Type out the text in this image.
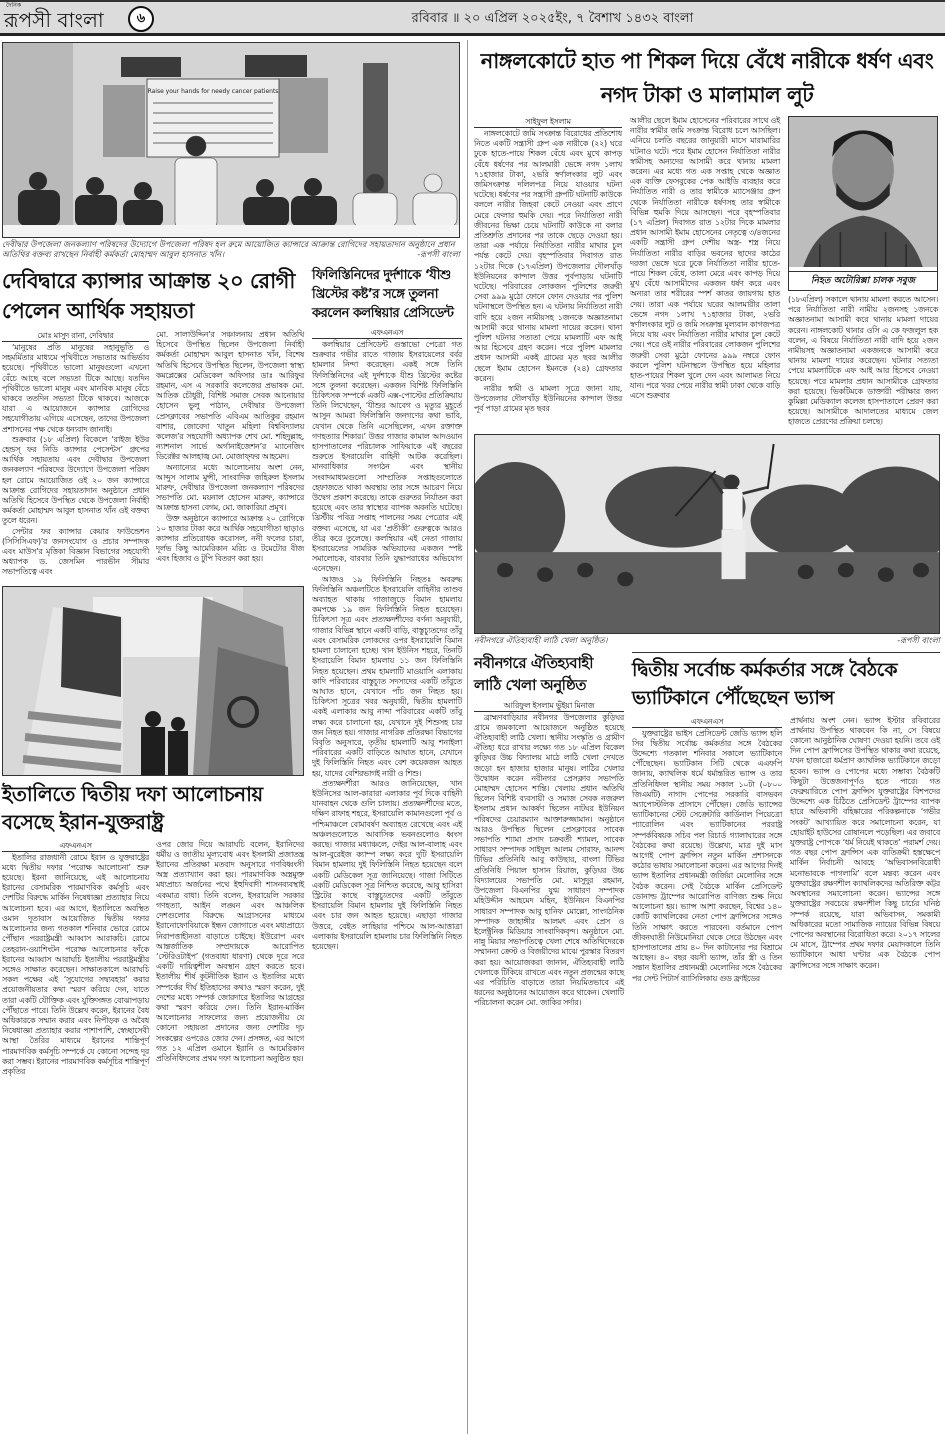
দৈনিক
রূপসী বাংলা	৬	রবিবার ॥ ২০ এপ্রিল ২০২৫ইং, ৭ বৈশাখ ১৪৩২ বাংলা
Raise your hands for needy cancer patients
দেবীদ্বার উপজেলা জনকল্যাণ পরিষদের উদ্যোগে উপজেলা পরিষদ হল রুমে আয়োজিত ক্যান্সারে আক্রান্ত রোগিদের সহায়তাদান অনুষ্ঠানে প্রধান অতিথির বক্তব্য রাখছেন নির্বাহী কর্মকর্তা মোহাম্মদ আবুল হাসনাত খাঁন।	-রূপসী বাংলা
দেবিদ্বারে ক্যান্সার আক্রান্ত ২০ রোগী পেলেন আর্থিক সহায়তা
মোঃ মাসুদ রানা, দেবিদ্বার

‘মানুষের প্রতি মানুষের সহানুভূতি ও সহমর্মিতার মাধ্যমে পৃথিবীতে সভ্যতার আভির্ভাব হয়েছে। পৃথিবীতে ভালো মানুষগুলো এখনো বেঁচে আছে বলে সভ্যতা টিকে আছে। যতদিন পৃথিবীতে ভালো মানুষ এবং মানবিক মানুষ বেঁচে থাকবে ততদিন সভ্যতা টিকে থাকবে। আজকে যারা এ আয়োজনে ক্যান্সার রোগিদের সহযোগীতায় এগিয়ে এসেছেন, তাদের উপজেলা প্রশাসনের পক্ষ থেকে ধন্যবাদ জানাই।

শুক্রবার (১৮ এপ্রিল) বিকেলে ‘রাইজ ইউর হেন্ডস্ ফর নিডি ক্যান্সার পেসেন্টস’ গ্রুপের আর্থিক সহায়তায় এবং দেবীদ্বার উপজেলা জনকল্যাণ পরিষদের উদ্যোগে উপজেলা পরিষদ হল রোমে আয়োজিত ওই ২০ জন ক্যান্সারে আক্রান্ত রোগিদের সহায়তাদান অনুষ্ঠানে প্রধান অতিথি হিসেবে উপস্থিত থেকে উপজেলা নির্বাহী কর্মকর্তা মোহাম্মদ আবুল হাসনাত খাঁন ওই বক্তব্য তুলে ধরেন।

সেন্টার ফর ক্যান্সার কেয়ার ফাউন্ডেশন (সিসিসিএফ)’র জনসংযোগ ও প্রচার সম্পাদক এবং মাউস’র মৃত্তিকা বিজ্ঞান বিভাগের সহযোগী অধ্যাপক ড. জেসমিন পারভীন সীমার সভাপতিত্বে এবং

মো. সালাউদ্দিন’র সঞ্চালনায় প্রধান অতিথি হিসেবে উপস্থিত ছিলেন উপজেলা নির্বাহী কর্মকর্তা মোহাম্মদ আবুল হাসনাত খাঁন, বিশেষ অতিথি হিসেবে উপস্থিত ছিলেন, উপজেলা স্বাস্থ্য কমপ্লেক্সের মেডিকেল অফিসার ডাঃ আরিফুর রহমান, এস এ সরকারি কলেজের প্রভাষক মো. আতিক চৌধুরী, বিশিষ্ট সমাজ সেবক আনোয়ার হোসেন ভুলু পাঠান, দেবীদ্বার উপজেলা প্রেসক্লাবের সভাপতি এবিএম আতিকুর রহমান বাশার, জোবেদা খাতুন মহিলা বিশ্ববিদ্যালয় কলেজ’র সহযোগী অধ্যাপক শেখ মো. শহিদুল্লাহ, ন্যাশনাল সার্ভে অর্গানাইজেশন’র ম্যানেজিং ডিরেক্টর আলহাজ্ব মো. মোজাফ্ফর আহমেদ।

অন্যান্যের মধ্যে আলোচনায় অংশ নেন, আব্দুস সালাম মুন্সী, সাংবাদিক জহিরুল ইসলাম মারুফ, দেবীদ্বার উপজেলা জনকল্যাণ পরিষদের সভাপতি মো. ময়নাল হোসেন মারুফ, ক্যান্সারে আক্রান্ত হাসনা বেগম, মো. জাকারিয়া প্রমূখ।

উক্ত অনুষ্ঠানে ক্যান্সারে আক্রান্ত ২০ রোগিকে ১০ হাজার টাকা করে আর্থিক সহযোগীতা ছাড়াও ক্যান্সার প্রতিরোধক করোসল, ননী ফলের চারা, দূর্লভ কিছু আমেরিকান মরিচ ও টমেটোর বীজ এবং হিজাব ও টুপি বিতরণ করা হয়।

ইতালিতে দ্বিতীয় দফা আলোচনায় বসেছে ইরান-যুক্তরাষ্ট্র
এফএনএস

ইতালির রাজধানী রোমে ইরান ও যুক্তরাষ্ট্রের মধ্যে দ্বিতীয় দফার ‘পরোক্ষ আলোচনা’ শুরু হয়েছে। ইরনা জানিয়েছে, এই আলোচনায় ইরানের বেসামরিক পারমাণবিক কর্মসূচি এবং দেশটির বিরুদ্ধে মার্কিন নিষেধাজ্ঞা প্রত্যাহার নিয়ে আলোচনা হবে। এর আগে, ইতালিতে অবস্থিত ওমান দূতাবাস আয়োজিত দ্বিতীয় দফার আলোচনার জন্য গতকাল শনিবার ভোরে রোমে পৌঁছান পররাষ্ট্রমন্ত্রী আব্বাস আরাকচি। রোমে তেহরান-ওয়াশিংটন পরোক্ষ আলোচনার ফাঁকে ইরানের আব্বাস আরাঘচি ইতালীয় পররাষ্ট্রমন্ত্রীর সঙ্গেও সাক্ষাত করেছেন। সাক্ষাতকালে আরাঘচি সকল পক্ষের এই ‘সুযোগের সদ্ব্যবহার’ করার প্রয়োজনীয়তার কথা স্মরণ করিয়ে দেন, যাতে তারা একটি যৌক্তিক এবং যুক্তিসঙ্গত বোঝাপড়ায় পৌঁছাতে পারে। তিনি উল্লেখ করেন, ইরানের বৈধ অধিকারকে সম্মান করার এবং নিপীড়ক ও অবৈধ নিষেধাজ্ঞা প্রত্যাহার করার পাশাপাশি, স্বেচ্ছাসেবী আস্থা তৈরির মাধ্যমে ইরানের শান্তিপূর্ণ পারমাণবিক কর্মসূচি সম্পর্কে যে কোনো সন্দেহ দূর করা সম্ভব। ইরানের পারমাণবিক কর্মসূচির শান্তিপূর্ণ প্রকৃতির

ওপর জোর দিয়ে আরাঘচি বলেন, ইরানিদের ধর্মীয় ও জাতীয় মূল্যবোধ এবং ইসলামী প্রজাতন্ত্র ইরানের প্রতিরক্ষা মতবাদ অনুসারে গণবিধ্বংসী অস্ত্র প্রত্যাখ্যান করা হয়। পারমাণবিক অস্ত্রমুক্ত মধ্যপ্রাচ্য অর্জনের পথে ইহুদিবাদী শাসনব্যবস্থাই একমাত্র বাধা। তিনি বলেন, ইসরায়েলি সরকার গণহত্যা, আইন লঙ্ঘন এবং আঞ্চলিক দেশগুলোর বিরুদ্ধে আগ্রাসনের মাধ্যমে ইরানোফোবিয়াকে ইন্ধন জোগাতে এবং মধ্যপ্রাচ্যে নিরাপত্তাহীনতা বাড়াতে চাইছে। ইউরোপ এবং আন্তর্জাতিক সম্প্রদায়কে আরোপিত ‘স্টেরিওটাইপ’ (গতবাধা ধারণা) থেকে দূরে সরে একটি দায়িত্বশীল অবস্থান গ্রহণ করতে হবে। ইতালীয় শীর্ষ কূটনীতিক ইরান ও ইতালির মধ্যে সম্পর্কের দীর্ঘ ইতিহাসের কথাও স্মরণ করেন, দুই দেশের মধ্যে সম্পর্ক জোরদারে ইতালির আগ্রহের কথা স্মরণ করিয়ে দেন। তিনি ইরান-মার্কিন আলোচনার সাফল্যের জন্য প্রয়োজনীয় যে কোনো সহায়তা প্রদানের জন্য দেশটির দৃঢ় সংকল্পের ওপরেও জোর দেন। প্রসঙ্গত, এর আগে গত ১২ এপ্রিল ওমানে ইরানি ও আমেরিকান প্রতিনিধিদলের প্রথম দফা আলোচনা অনুষ্ঠিত হয়।

ফিলিস্তিনিদের দুর্দশাকে ‘যীশু খ্রিস্টের কষ্ট’র সঙ্গে তুলনা করলেন কলম্বিয়ার প্রেসিডেন্ট
এফএনএস

কলম্বিয়ার প্রেসিডেন্ট গুস্তাভো পেত্রো গত শুক্রবার গভীর রাতে গাজায় ইসরায়েলের বর্বর হামলার নিন্দা করেছেন। একই সঙ্গে তিনি ফিলিস্তিনিদের এই দুর্দশাকে যীশু খ্রিস্টের কষ্টের সঙ্গে তুলনা করেছেন। একজন বিশিষ্ট ফিলিস্তিনি চিকিৎসক সম্পর্কে একটি এক্স-পোস্টের প্রতিক্রিয়ায় তিনি লিখেছেন, ‘যীশুর আবেগ ও মৃত্যুর মুহূর্তে আসুন আমরা ফিলিস্তিনি জনগণের কথা ভাবি, যেখান থেকে তিনি এসেছিলেন, এখন রক্তাক্ত গণহত্যার শিকার।’ উত্তর গাজার কামাল আদওয়ান হাসপাতালের পরিচালক সাফিয়াকে এই বছরের শুরুতে ইসরায়েলি বাহিনী আটক করেছিল। মানবাধিকার সংগঠন এবং স্থানীয় সংবাদমাধ্যমগুলো সাম্প্রতিক সপ্তাহগুলোতে হেফাজতে থাকা অবস্থায় তার সঙ্গে আচরণ নিয়ে উদ্বেগ প্রকাশ করেছে। তাকে গুরুতর নির্যাতন করা হয়েছে এবং তার স্বাস্থ্যের ব্যাপক অবনতি ঘটেছে। খ্রিস্টীয় পবিত্র সপ্তাহ পালনের সময় পেত্রোর এই বক্তব্য এসেছে, যা এর ‘প্রতীকী’ গুরুত্বকে আরও তীব্র করে তুলেছে। কলম্বিয়ার এই নেতা গাজায় ইসরায়েলের সামরিক অভিযানের একজন স্পষ্ট সমালোচক, বারবার তিনি যুদ্ধাপরাধের অভিযোগ এনেছেন।

আজও ১৯ ফিলিস্তিনি নিহতঃ অবরুদ্ধ ফিলিস্তিনি অঞ্চলটিতে ইসরায়েলি বাহিনীর তাণ্ডব অব্যাহত থাকায় গাজাজুড়ে বিমান হামলায় কমপক্ষে ১৯ জন ফিলিস্তিনি নিহত হয়েছেন। চিকিৎসা সূত্র এবং প্রত্যক্ষদর্শীদের বর্ণনা অনুযায়ী, গাজার বিভিন্ন স্থানে একটি বাড়ি, বাস্তুচ্যুতদের তাঁবু এবং বেসামরিক লোকদের ওপর ইসরায়েলি বিমান হামলা চালানো হচ্ছে। খান ইউনিস শহরে, তিনটি ইসরায়েলি বিমান হামলায় ১১ জন ফিলিস্তিনি নিহত হয়েছেন। প্রথম হামলাটি মাওয়াসি এলাকায় কাদি পরিবারের বাস্তুচ্যুত সদস্যদের একটি তাঁবুতে আঘাত হানে, যেখানে পাঁচ জন নিহত হয়। চিকিৎসা সূত্রের খবর অনুযায়ী, দ্বিতীয় হামলাটি একই এলাকার আবু নাব্দা পরিবারের একটি তাঁবু লক্ষ্য করে চালানো হয়, যেখানে দুই শিশুসহ চার জন নিহত হয়। গাজার নাগরিক প্রতিরক্ষা বিভাগের বিবৃতি অনুসারে, তৃতীয় হামলাটি আবু শনাইলা পরিবারের একটি বাড়িতে আঘাত হানে, যেখানে দুই ফিলিস্তিনি নিহত এবং বেশ কয়েকজন আহত হয়, যাদের বেশিরভাগই নারী ও শিশু।

প্রত্যক্ষদর্শীরা আরও জানিয়েছেন, খান ইউনিসের আল-কারারা এলাকার পূর্ব দিকে বাহিনী যানবাহন থেকে গুলি চালায়। প্রত্যক্ষদর্শীদের মতে, দক্ষিণ রাফাহ শহরে, ইসরায়েলি কামানগুলো পূর্ব ও পশ্চিমাঞ্চলে বোমাবর্ষণ অব্যাহত রেখেছে এবং এই অঞ্চলগুলোতে আবাসিক ভবনগুলোও ধ্বংস করছে। গাজার মধ্যাঞ্চলে, দেইর আল-বালাহ এবং আল-বুরেইজ ক্যাম্প লক্ষ্য করে দুটি ইসরায়েলি বিমান হামলায় দুই ফিলিস্তিনি নিহত হয়েছেন বলে একটি মেডিকেল সূত্র জানিয়েছে। গাজা সিটিতে একটি মেডিকেল সূত্র নিশ্চিত করেছে, আবু হাসিরা স্ট্রিটের কাছে বাস্তুচ্যুতদের একটি তাঁবুতে ইসরায়েলি বিমান হামলায় দুই ফিলিস্তিনি নিহত এবং চার জন আহত হয়েছে। এছাড়া গাজার উত্তরে, বেইত লাহিয়ার পশ্চিমে আল-আত্তাত্রা এলাকায় ইসরায়েলি হামলায় চার ফিলিস্তিনি নিহত হয়েছেন।

নাঙ্গলকোটে হাত পা শিকল দিয়ে বেঁধে নারীকে ধর্ষণ এবং নগদ টাকা ও মালামাল লুট
সাইফুল ইসলাম

নাঙ্গলকোটে জমি সংক্রান্ত বিরোধের প্রতিশোধ নিতে একটি সন্ত্রাসী গ্রুপ এক নারীকে (২২) ঘরে ঢুকে হাতে-পায়ে শিকল বেঁধে এবং মুখে কাপড় বেঁধে ধর্ষণের পর আলমারী ভেঙ্গে নগদ ১লাখ ৭১হাজার টাকা, ২ভরি স্বর্ণালংকার লুট এবং জমিসংক্রান্ত দলিলপত্র নিয়ে যাওয়ার ঘটনা ঘটেছে। ধর্ষণের পর সন্ত্রাসী গ্রুপটি ঘটনাটি কাউকে বললে নারীর জিহবা কেটে নেওয়া এবং প্রাণে মেরে ফেলার হুমকি দেয়। পরে নির্যাতিতা নারী জীবনের ভিক্ষা চেয়ে ঘটনাটি কাউকে না বলার প্রতিশ্রুতি প্রদানের পর তাকে ছেড়ে দেওয়া হয়। তারা এক পর্যায়ে নির্যাতিতা নারীর মাথার চুল পর্যন্ত কেটে দেয়। বৃহস্পতিবার দিবাগত রাত ১২টার দিকে (১৭এপ্রিল) উপজেলার দৌলখাঁড় ইউনিয়নের কান্দাল উত্তর পূর্বপাড়ায় ঘটনাটি ঘটেছে। পরিবারের লোকজন পুলিশের জরুরী সেবা ৯৯৯ মুঠো ফোনে ফোন দেওয়ার পর পুলিশ ঘটনাস্থলে উপস্থিত হন। এ ঘটনায় নির্যাতিতা নারী বাদি হয়ে ২জন নামীয়সহ ১জনকে অজ্ঞাতনামা আসামী করে থানায় মামলা দায়ের করেন। থানা পুলিশ ঘটনার সত্যতা পেয়ে মামলাটি এফ আই আর হিসেবে গ্রহণ করেন। পরে পুলিশ মামলার প্রধান আসামী একই গ্রামের মৃত ছবর আলীর ছেলে ইমাম হোসেন ইমনকে (২৪) গ্রেফতার করেন।

নারীর স্বামী ও মামলা সূত্রে জানা যায়, উপজেলার দৌলখাঁড় ইউনিয়নের কান্দাল উত্তর পূর্ব পাড়া গ্রামের মৃত ছবর

আলীর ছেলে ইমাম হোসেনের পরিবারের সাথে ওই নারীর স্বামীর জমি সংক্রান্ত বিরোধ চলে আসছিল। এনিয়ে চলতি বছরের জানুয়ারী মাসে মারামারির ঘটনাও ঘটে। পরে ইমাম হোসেন নির্যাতিতা নারীর স্বামীসহ অন্যদের আসামী করে থানায় মামলা করেন। এর মধ্যে গত এক সপ্তাহ থেকে অজ্ঞাত এক ব্যক্তি ফেসবুকের পেক আইডি ব্যবহার করে নির্যাতিত নারী ও তার স্বামীকে ম্যাসেঞ্জার গ্রুপ থেকে নির্যাতিতা নারীকে ধর্ষণসহ তার স্বামীকে বিভিন্ন হুমকি দিয়ে আসছেন। পরে বৃহস্পতিবার (১৭ এপ্রিল) দিবাগত রাত ১২টার দিকে মামলার প্রধান আসামী ইমাম হোসেনের নেতৃত্বে ৩/৪জনের একটি সন্ত্রাসী গ্রুপ দেশীয় অস্ত্র- শস্ত্র নিয়ে নির্যাতিতা নারীর বাড়ির ভবনের ছাদের কাঠের দরজা ভেঙ্গে ঘরে ঢুকে নির্যাতিতা নারীর হাতে-পায়ে শিকল বেঁধে, তালা মেরে এবং কাপড় দিয়ে মুখ বেঁধে আসামীদের একজন ধর্ষণ করে এবং অন্যরা তার শরীরের স্পর্শ কাতর জায়গায় হাত দেয়। তারা এক পর্যায়ে ঘরের আলমারীর তালা ভেঙ্গে নগদ ১লাখ ৭১হাজার টাকা, ২ভরি স্বর্ণালংকার লুট ও জমি সংক্রান্ত মূল্যবান কাগজপত্র নিয়ে যায় এবং নির্যাতিতা নারীর মাথার চুল কেটে দেয়। পরে ওই নারীর পরিবারের লোকজন পুলিশের জরুরী সেবা মুঠো ফোনের ৯৯৯ নম্বরে ফোন করলে পুলিশ ঘটনাস্থলে উপস্থিত হয়ে মহিলার হাত-পায়ের শিকল খুলে দেন এবং আলামত নিয়ে যান। পরে খবর পেয়ে নারীর স্বামী ঢাকা থেকে বাড়ি এসে শুক্রবার

নিহত অটোরিক্সা চালক সবুজ

(১৮এপ্রিল) সকালে থানায় মামলা করতে আসেন। পরে নির্যাতিতা নারী নামীয় ২জনসহ ১জনকে অজ্ঞাতনামা আসামী করে থানায় মামলা দায়ের করেন। নাঙ্গলকোট থানার ওসি এ কে ফজলুল হক বলেন, এ বিষয়ে নির্যাতিতা নারী বাদি হয়ে ২জন নামীয়সহ অজ্ঞাতনামা একজনকে আসামী করে থানায় মামলা দায়ের করেছেন। ঘটনার সত্যতা পেয়ে মামলাটিকে এফ আই আর হিসেবে নেওয়া হয়েছে। পরে মামলার প্রধান আসামীকে গ্রেফতার করা হয়েছে। ভিকটিমকে ডাক্তারী পরীক্ষার জন্য কুমিল্লা মেডিক্যাল কলেজ হাসপাতালে প্রেরণ করা হয়েছে। আসামীকে আদালতের মাধ্যমে জেল হাজতে প্রেরণের প্রক্রিয়া চলছে।

নবীনগরে ঐতিহ্যবাহী লাঠি খেলা অনুষ্ঠিত।	-রূপসী বাংলা
নবীনগরে ঐতিহ্যবাহী লাঠি খেলা অনুষ্ঠিত
আরিফুল ইসলাম ভুঁইয়া মিনাজ

ব্রাহ্মণবাড়িয়ার নবীনগর উপজেলার কুড়িঘর গ্রামে জমকালো আয়োজনে অনুষ্ঠিত হয়েছে ঐতিহ্যবাহী লাঠি খেলা। স্থানীয় সংস্কৃতি ও গ্রামীণ ঐতিহ্য ধরে রাখার লক্ষ্যে গত ১৮ এপ্রিল বিকেল কুড়িঘর উচ্চ বিদ্যালয় মাঠে লাঠি খেলা দেখতে জড়ো হন হাজার হাজার মানুষ। লাঠির খেলার উদ্বোধন করেন নবীনগর প্রেসক্লাব সভাপতি মোহাম্মদ হোসেন শান্তি। খেলায় প্রধান অতিথি ছিলেন বিশিষ্ট ব্যবসায়ী ও সমাজ সেবক নজরুল ইসলাম প্রধান আকর্ষণ ছিলেন নাটঘর ইউনিয়ন পরিষদের চেয়ারম্যান আক্তারুজ্জামান। অনুষ্ঠানে আরও উপস্থিত ছিলেন প্রেসক্লাবের সাবেক সভাপতি শ্যামা প্রসাদ চক্রবর্তী শ্যামল, সাবেক সাধারণ সম্পাদক সাইদুল আলম সোরাফ, আনন্দ টিভির প্রতিনিধি আবু কাউছার, বাংলা টিভির প্রতিনিধি পিয়াল হাসান রিয়াজ, কুড়িঘর উচ্চ বিদ্যালয়ের সভাপতি মো. মাসুদুর রহমান, উপজেলা বিএনপির যুগ্ম সাধারণ সম্পাদক মহিউদ্দীন আহমেদ মহিন, ইউনিয়ন বিএনপির সাধারণ সম্পাদক আবু হানিফ মোল্লো, সাংগঠনিক সম্পাদক জাহাঙ্গীর আলমৎ এবং প্রেস ও ইলেক্ট্রনিক মিডিয়ার সাংবাদিকবৃন্দ। অনুষ্ঠানে মো. নান্নু মিয়ার সভাপতিত্বে খেলা শেষে অতিথিদেরকে সম্মাননা ক্রেস্ট ও বিজয়ীদের মাঝে পুরস্কার বিতরণ করা হয়। আয়োজকরা জানান, ঐতিহ্যবাহী লাঠি খেলাকে টিকিয়ে রাখতে এবং নতুন প্রজন্মের কাছে এর পরিচিতি বাড়াতে তারা নিয়মিতভাবে এই ধরনের অনুষ্ঠানের আয়োজন করে থাকেন। খেলাটি পরিচালনা করেন মো. জাকির সর্দার।

দ্বিতীয় সর্বোচ্চ কর্মকর্তার সঙ্গে বৈঠকে ভ্যাটিকানে পৌঁছেছেন ভ্যান্স
এফএনএস

যুক্তরাষ্ট্রের ভাইস প্রেসিডেন্ট জেডি ভ্যান্স হলি সির দ্বিতীয় সর্বোচ্চ কর্মকর্তার সঙ্গে বৈঠকের উদ্দেশ্যে গতকাল শনিবার সকালে ভ্যাটিকানে পৌঁছেছেন। ভ্যাটিকান সিটি থেকে এএফপি জানায়, ক্যাথলিক ধর্মে ধর্মান্তরিত ভ্যান্স ও তার প্রতিনিধিদল স্থানীয় সময় সকাল ১০টা (০৮০০ জিএমটি) নাগাদ পোপের সরকারি বাসভবন অ্যাপোস্টলিক প্রাসাদে পৌঁছেন। জেডি ভ্যান্সের ভ্যাটিকানের স্টেট সেক্রেটারি কার্ডিনাল পিয়েত্রো প্যারোলিন এবং ভ্যাটিকানের পররাষ্ট্র সম্পর্কবিষয়ক সচিব পল রিচার্ড গ্যালাঘারের সঙ্গে বৈঠকের কথা রয়েছে। উল্লেখ্য, মাত্র দুই মাস আগেই পোপ ফ্রান্সিস নতুন মার্কিন প্রশাসনকে কঠোর ভাষায় সমালোচনা করেন। এর আগের দিনই ভ্যান্স ইতালির প্রধানমন্ত্রী জর্জিয়া মেলোনির সঙ্গে বৈঠক করেন। সেই বৈঠকে মার্কিন প্রেসিডেন্ট ডোনাল্ড ট্রাম্পের আরোপিত বাণিজ্য শুল্ক নিয়ে আলোচনা হয়। ভ্যান্স আশা করছেন, বিশ্বের ১৪০ কোটি ক্যাথলিকের নেতা পোপ ফ্রান্সিসের সঙ্গেও তিনি সাক্ষাৎ করতে পারবেন। বর্তমানে পোপ জীবনঘাতী নিউমোনিয়া থেকে সেরে উঠছেন এবং হাসপাতালের প্রায় ৪০ দিন কাটানোর পর বিশ্রামে আছেন। ৪০ বছর বয়সী ভ্যান্স, তাঁর স্ত্রী ও তিন সন্তান ইতালির প্রধানমন্ত্রী মেলোনির সঙ্গে বৈঠকের পর সেন্ট পিটার্স ব্যাসিলিকায় গুড ফ্রাইডের

প্রার্থনায় অংশ নেন। ভ্যান্স ইস্টার রবিবারের প্রার্থনায় উপস্থিত থাকবেন কি না, সে বিষয়ে কোনো আনুষ্ঠানিক ঘোষণা দেওয়া হয়নি। তবে ওই দিন পোপ ফ্রান্সিসের উপস্থিত থাকার কথা রয়েছে, যখন হাজারো ধর্মপ্রাণ ক্যাথলিক ভ্যাটিকানে জড়ো হবেন। ভ্যান্স ও পোপের মধ্যে সম্ভাব্য বৈঠকটি কিছুটা উত্তেজনাপূর্ণও হতে পারে। গত ফেব্রুয়ারিতে পোপ ফ্রান্সিস যুক্তরাষ্ট্রের বিশপদের উদ্দেশ্যে এক চিঠিতে প্রেসিডেন্ট ট্রাম্পের ব্যাপক হারে অভিবাসী বহিষ্কারের পরিকল্পনাকে ‘গভীর সংকট’ আখ্যায়িত করে সমালোচনা করেন, যা হোয়াইট হাউসের রোষানলে পড়েছিল। এর জবাবে যুক্তরাষ্ট্র পোপকে ‘ধর্ম নিয়েই থাকতে’ পরামর্শ দেয়। গত বছর পোপ ফ্রান্সিস এক ব্যতিক্রমী হস্তক্ষেপে মার্কিন নির্বাচনী আবহে ‘অভিবাসনবিরোধী মনোভাবকে পাগলামি’ বলে মন্তব্য করেন এবং যুক্তরাষ্ট্রের রক্ষণশীল ক্যাথলিকদের অতিরিক্ত কট্টর অবস্থানের সমালোচনা করেন। ভ্যান্সের সঙ্গে যুক্তরাষ্ট্রের সবচেয়ে রক্ষণশীল কিছু চার্চের ঘনিষ্ঠ সম্পর্ক রয়েছে, যারা অভিবাসন, সমকামী অধিকারের মতো সামাজিক ন্যায়ের বিভিন্ন বিষয়ে পোপের অবস্থানের বিরোধিতা করে। ২০১৭ সালের মে মাসে, ট্রাম্পের প্রথম দফার মেয়াদকালে তিনি ভ্যাটিকানে আধা ঘণ্টার এক বৈঠকে পোপ ফ্রান্সিসের সঙ্গে সাক্ষাৎ করেন।
